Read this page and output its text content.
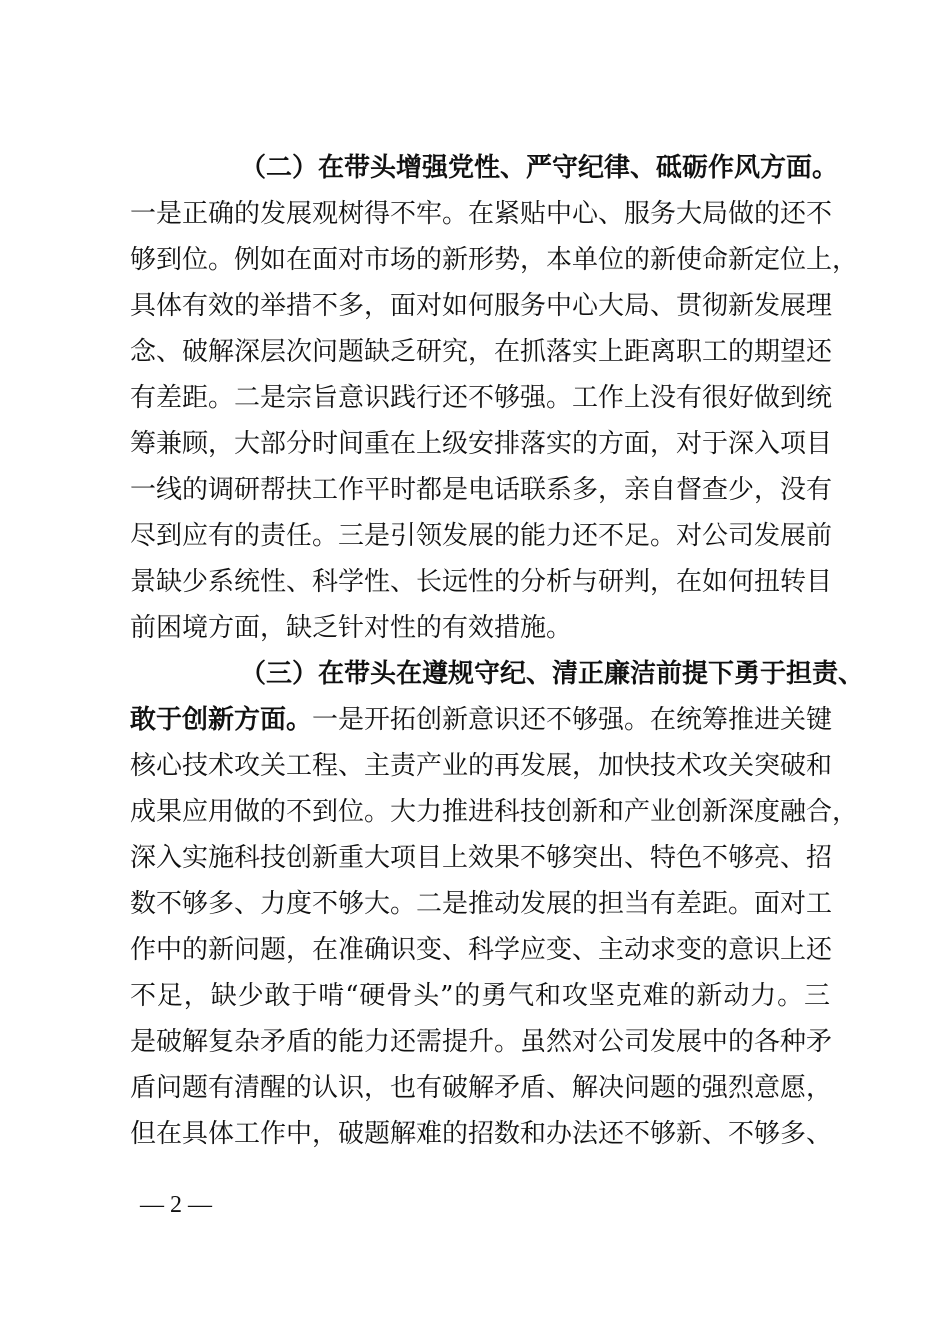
（二）在带头增强党性、严守纪律、砥砺作风方面。
一是正确的发展观树得不牢。在紧贴中心、服务大局做的还不
够到位。例如在面对市场的新形势，本单位的新使命新定位上，
具体有效的举措不多，面对如何服务中心大局、贯彻新发展理
念、破解深层次问题缺乏研究，在抓落实上距离职工的期望还
有差距。二是宗旨意识践行还不够强。工作上没有很好做到统
筹兼顾，大部分时间重在上级安排落实的方面，对于深入项目
一线的调研帮扶工作平时都是电话联系多，亲自督查少，没有
尽到应有的责任。三是引领发展的能力还不足。对公司发展前
景缺少系统性、科学性、长远性的分析与研判，在如何扭转目
前困境方面，缺乏针对性的有效措施。
（三）在带头在遵规守纪、清正廉洁前提下勇于担责、
敢于创新方面。 一是开拓创新意识还不够强。在统筹推进关键
核心技术攻关工程、主责产业的再发展，加快技术攻关突破和
成果应用做的不到位。大力推进科技创新和产业创新深度融合，
深入实施科技创新重大项目上效果不够突出、特色不够亮、招
数不够多、力度不够大。二是推动发展的担当有差距。面对工
作中的新问题，在准确识变、科学应变、主动求变的意识上还
不足，缺少敢于啃“硬骨头”的勇气和攻坚克难的新动力。三
是破解复杂矛盾的能力还需提升。虽然对公司发展中的各种矛
盾问题有清醒的认识，也有破解矛盾、解决问题的强烈意愿，
但在具体工作中，破题解难的招数和办法还不够新、不够多、
— 2 —
